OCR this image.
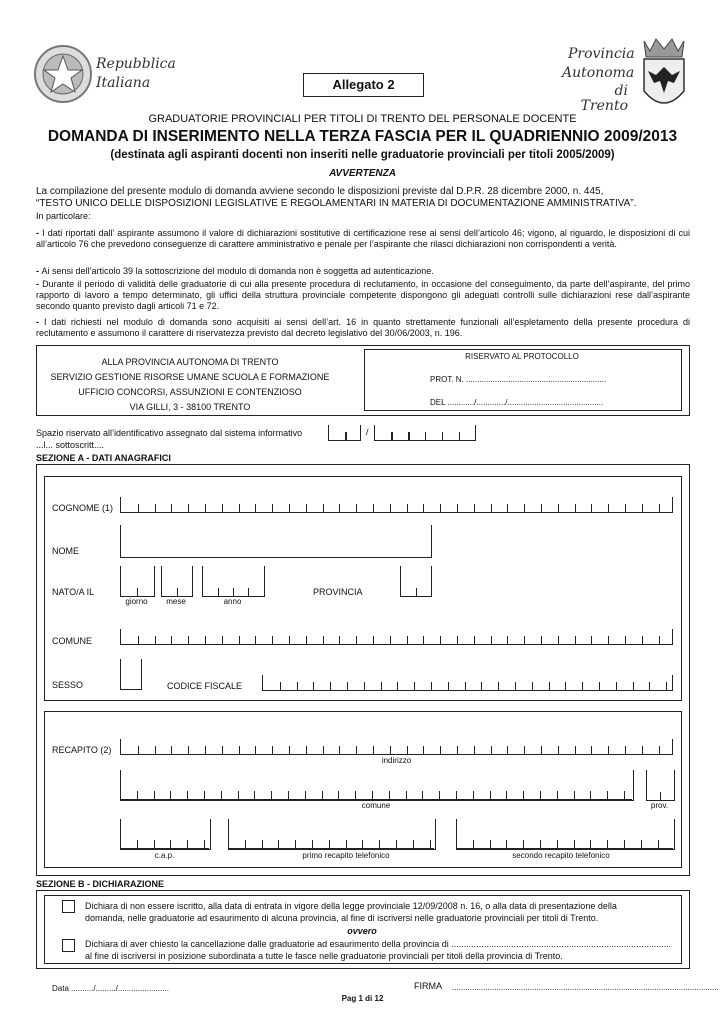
Repubblica
Italiana	Allegato 2
Provincia
Autonoma
di Trento
GRADUATORIE PROVINCIALI PER TITOLI DI TRENTO DEL PERSONALE DOCENTE
DOMANDA DI INSERIMENTO NELLA TERZA FASCIA PER IL QUADRIENNIO 2009/2013
(destinata agli aspiranti docenti non inseriti nelle graduatorie provinciali per titoli 2005/2009)
AVVERTENZA
La compilazione del presente modulo di domanda avviene secondo le disposizioni previste dal D.P.R. 28 dicembre 2000, n. 445,
“TESTO UNICO DELLE DISPOSIZIONI LEGISLATIVE E REGOLAMENTARI IN MATERIA DI DOCUMENTAZIONE AMMINISTRATIVA”.
In particolare:
- I dati riportati dall’ aspirante assumono il valore di dichiarazioni sostitutive di certificazione rese ai sensi dell’articolo 46; vigono, al riguardo, le disposizioni di cui all’articolo 76 che prevedono conseguenze di carattere amministrativo e penale per l’aspirante che rilasci dichiarazioni non corrispondenti a verità.
- Ai sensi dell’articolo 39 la sottoscrizione del modulo di domanda non è soggetta ad autenticazione.
- Durante il periodo di validità delle graduatorie di cui alla presente procedura di reclutamento, in occasione del conseguimento, da parte dell’aspirante, del primo rapporto di lavoro a tempo determinato, gli uffici della struttura provinciale competente dispongono gli adeguati controlli sulle dichiarazioni rese dall’aspirante secondo quanto previsto dagli articoli 71 e 72.
- I dati richiesti nel modulo di domanda sono acquisiti ai sensi dell’art. 16 in quanto strettamente funzionali all’espletamento della presente procedura di reclutamento e assumono il carattere di riservatezza previsto dal decreto legislativo del 30/06/2003, n. 196.
ALLA PROVINCIA AUTONOMA DI TRENTO
SERVIZIO GESTIONE RISORSE UMANE SCUOLA E FORMAZIONE
UFFICIO CONCORSI, ASSUNZIONI E CONTENZIOSO
VIA GILLI, 3 - 38100 TRENTO
RISERVATO AL PROTOCOLLO
PROT. N. ...............................................................
DEL ............/............./...........................................
Spazio riservato all’identificativo assegnato dal sistema informativo	/
...l... sottoscritt....
SEZIONE A - DATI ANAGRAFICI
COGNOME (1)
NOME
NATO/A IL
giorno	mese	anno
PROVINCIA
COMUNE
SESSO	CODICE FISCALE
RECAPITO (2)
indirizzo
comune	prov.
c.a.p.	primo recapito telefonico	secondo recapito telefonico
SEZIONE B - DICHIARAZIONE
Dichiara di non essere iscritto, alla data di entrata in vigore della legge provinciale 12/09/2008 n. 16, o alla data di presentazione della
domanda, nelle graduatorie ad esaurimento di alcuna provincia, al fine di iscriversi nelle graduatorie provinciali per titoli di Trento.
ovvero
Dichiara di aver chiesto la cancellazione dalle graduatorie ad esaurimento della provincia di ........................................................................................
al fine di iscriversi in posizione subordinata a tutte le fasce nelle graduatorie provinciali per titoli della provincia di Trento.
Data ........../........./.......................	FIRMA ........................................................................................................................
Pag 1 di 12
